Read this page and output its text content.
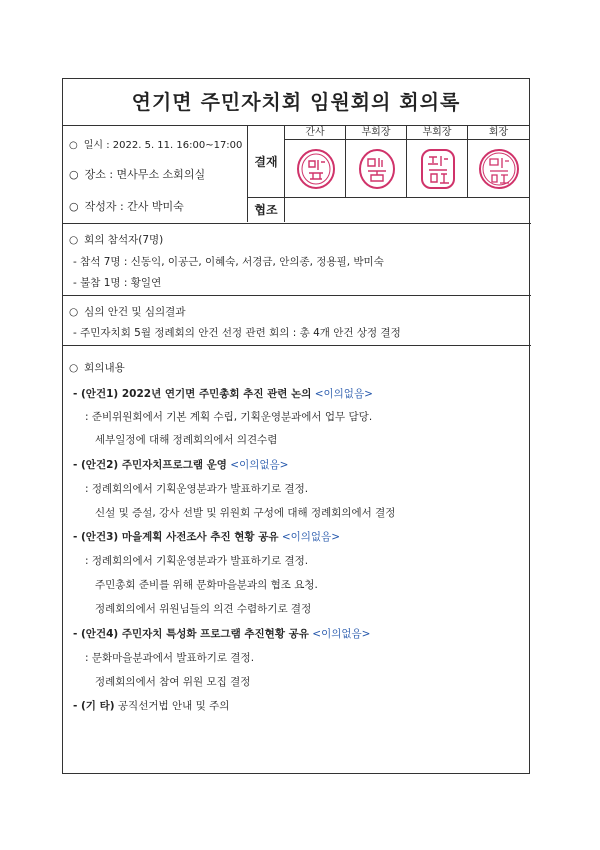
연기면 주민자치회 임원회의 회의록
○ 일시 : 2022. 5. 11. 16:00~17:00
○ 장소 : 면사무소 소회의실
○ 작성자 : 간사 박미숙
결재
협조
간사	부회장	부회장	회장
○ 회의 참석자(7명)
- 참석 7명 : 신동익, 이공근, 이혜숙, 서경금, 안의종, 정용필, 박미숙
- 불참 1명 : 황일연
○ 심의 안건 및 심의결과
- 주민자치회 5월 정례회의 안건 선정 관련 회의 : 총 4개 안건 상정 결정
○ 회의내용
- (안건1) 2022년 연기면 주민총회 추진 관련 논의 <이의없음>
: 준비위원회에서 기본 계획 수립, 기획운영분과에서 업무 담당.
세부일정에 대해 정례회의에서 의견수렴
- (안건2) 주민자치프로그램 운영 <이의없음>
: 정례회의에서 기획운영분과가 발표하기로 결정.
신설 및 증설, 강사 선발 및 위원회 구성에 대해 정례회의에서 결정
- (안건3) 마을계획 사전조사 추진 현황 공유 <이의없음>
: 정례회의에서 기획운영분과가 발표하기로 결정.
주민총회 준비를 위해 문화마을분과의 협조 요청.
정례회의에서 위원님들의 의견 수렴하기로 결정
- (안건4) 주민자치 특성화 프로그램 추진현황 공유 <이의없음>
: 문화마을분과에서 발표하기로 결정.
정례회의에서 참여 위원 모집 결정
- (기 타) 공직선거법 안내 및 주의
